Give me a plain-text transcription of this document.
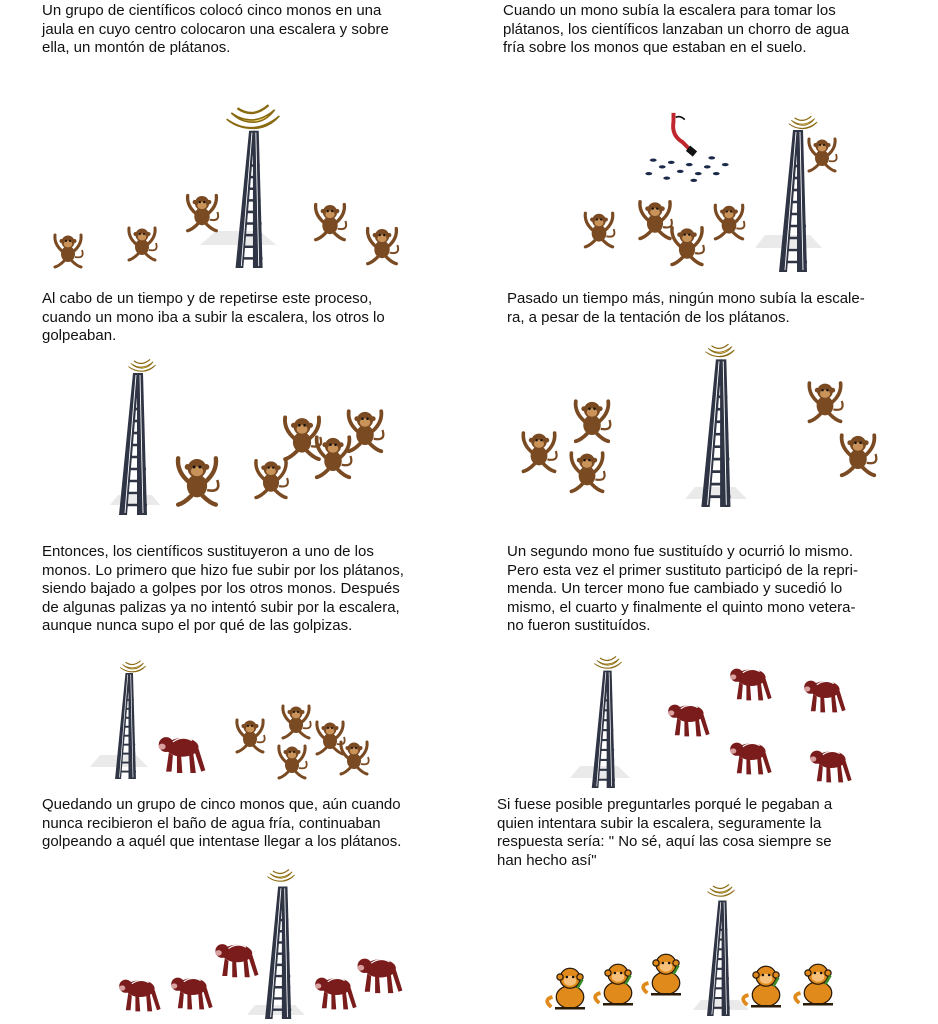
Un grupo de científicos colocó cinco monos en una
jaula en cuyo centro colocaron una escalera y sobre
ella, un montón de plátanos.

Cuando un mono subía la escalera para tomar los
plátanos, los científicos lanzaban un chorro de agua
fría sobre los monos que estaban en el suelo.

Al cabo de un tiempo y de repetirse este proceso,
cuando un mono iba a subir la escalera, los otros lo
golpeaban.

Pasado un tiempo más, ningún mono subía la escale-
ra, a pesar de la tentación de los plátanos.

Entonces, los científicos sustituyeron a uno de los
monos. Lo primero que hizo fue subir por los plátanos,
siendo bajado a golpes por los otros monos. Después
de algunas palizas ya no intentó subir por la escalera,
aunque nunca supo el por qué de las golpizas.

Un segundo mono fue sustituído y ocurrió lo mismo.
Pero esta vez el primer sustituto participó de la repri-
menda. Un tercer mono fue cambiado y sucedió lo
mismo, el cuarto y finalmente el quinto mono vetera-
no fueron sustituídos.

Quedando un grupo de cinco monos que, aún cuando
nunca recibieron el baño de agua fría, continuaban
golpeando a aquél que intentase llegar a los plátanos.

Si fuese posible preguntarles porqué le pegaban a
quien intentara subir la escalera, seguramente la
respuesta sería: " No sé, aquí las cosa siempre se
han hecho así"
